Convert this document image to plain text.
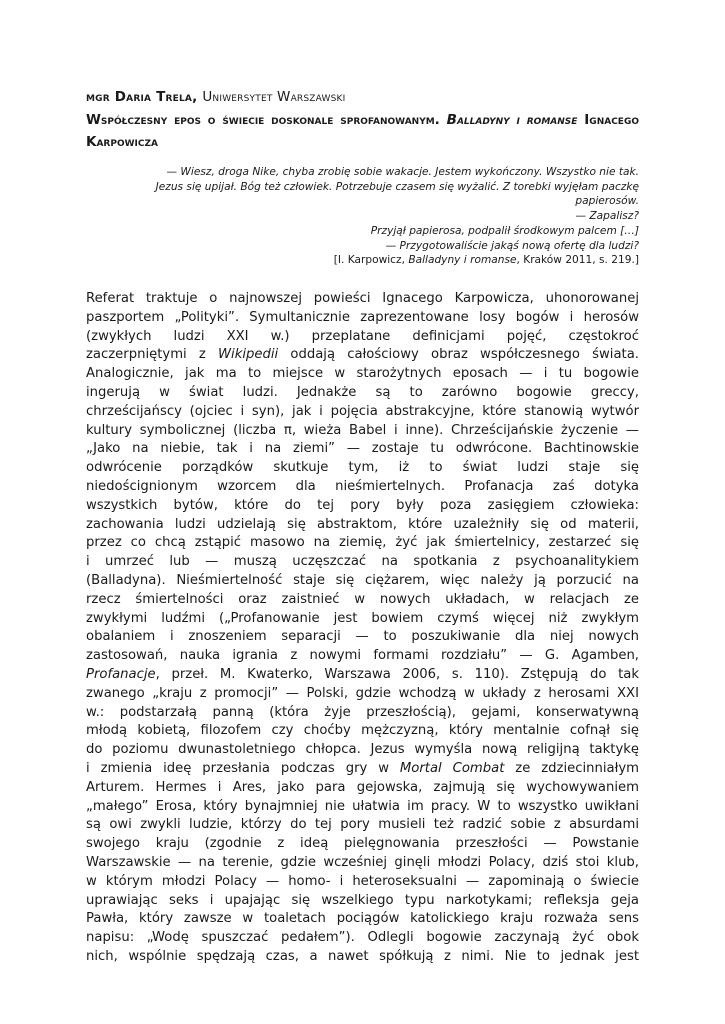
mgr Daria Trela, Uniwersytet Warszawski
Współczesny epos o świecie doskonale sprofanowanym. Balladyny i romanse Ignacego Karpowicza
— Wiesz, droga Nike, chyba zrobię sobie wakacje. Jestem wykończony. Wszystko nie tak.
Jezus się upijał. Bóg też człowiek. Potrzebuje czasem się wyżalić. Z torebki wyjęłam paczkę
papierosów.
— Zapalisz?
Przyjął papierosa, podpalił środkowym palcem […]
— Przygotowaliście jakąś nową ofertę dla ludzi?
[I. Karpowicz, Balladyny i romanse, Kraków 2011, s. 219.]
Referat traktuje o najnowszej powieści Ignacego Karpowicza, uhonorowanej
paszportem „Polityki”. Symultanicznie zaprezentowane losy bogów i herosów
(zwykłych ludzi XXI w.) przeplatane definicjami pojęć, częstokroć
zaczerpniętymi z Wikipedii oddają całościowy obraz współczesnego świata.
Analogicznie, jak ma to miejsce w starożytnych eposach — i tu bogowie
ingerują w świat ludzi. Jednakże są to zarówno bogowie greccy,
chrześcijańscy (ojciec i syn), jak i pojęcia abstrakcyjne, które stanowią wytwór
kultury symbolicznej (liczba π, wieża Babel i inne). Chrześcijańskie życzenie —
„Jako na niebie, tak i na ziemi” — zostaje tu odwrócone. Bachtinowskie
odwrócenie porządków skutkuje tym, iż to świat ludzi staje się
niedoścignionym wzorcem dla nieśmiertelnych. Profanacja zaś dotyka
wszystkich bytów, które do tej pory były poza zasięgiem człowieka:
zachowania ludzi udzielają się abstraktom, które uzależniły się od materii,
przez co chcą zstąpić masowo na ziemię, żyć jak śmiertelnicy, zestarzeć się
i umrzeć lub — muszą uczęszczać na spotkania z psychoanalitykiem
(Balladyna). Nieśmiertelność staje się ciężarem, więc należy ją porzucić na
rzecz śmiertelności oraz zaistnieć w nowych układach, w relacjach ze
zwykłymi ludźmi („Profanowanie jest bowiem czymś więcej niż zwykłym
obalaniem i znoszeniem separacji — to poszukiwanie dla niej nowych
zastosowań, nauka igrania z nowymi formami rozdziału” — G. Agamben,
Profanacje, przeł. M. Kwaterko, Warszawa 2006, s. 110). Zstępują do tak
zwanego „kraju z promocji” — Polski, gdzie wchodzą w układy z herosami XXI
w.: podstarzałą panną (która żyje przeszłością), gejami, konserwatywną
młodą kobietą, filozofem czy choćby mężczyzną, który mentalnie cofnął się
do poziomu dwunastoletniego chłopca. Jezus wymyśla nową religijną taktykę
i zmienia ideę przesłania podczas gry w Mortal Combat ze zdziecinniałym
Arturem. Hermes i Ares, jako para gejowska, zajmują się wychowywaniem
„małego” Erosa, który bynajmniej nie ułatwia im pracy. W to wszystko uwikłani
są owi zwykli ludzie, którzy do tej pory musieli też radzić sobie z absurdami
swojego kraju (zgodnie z ideą pielęgnowania przeszłości — Powstanie
Warszawskie — na terenie, gdzie wcześniej ginęli młodzi Polacy, dziś stoi klub,
w którym młodzi Polacy — homo- i heteroseksualni — zapominają o świecie
uprawiając seks i upajając się wszelkiego typu narkotykami; refleksja geja
Pawła, który zawsze w toaletach pociągów katolickiego kraju rozważa sens
napisu: „Wodę spuszczać pedałem”). Odlegli bogowie zaczynają żyć obok
nich, wspólnie spędzają czas, a nawet spółkują z nimi. Nie to jednak jest
